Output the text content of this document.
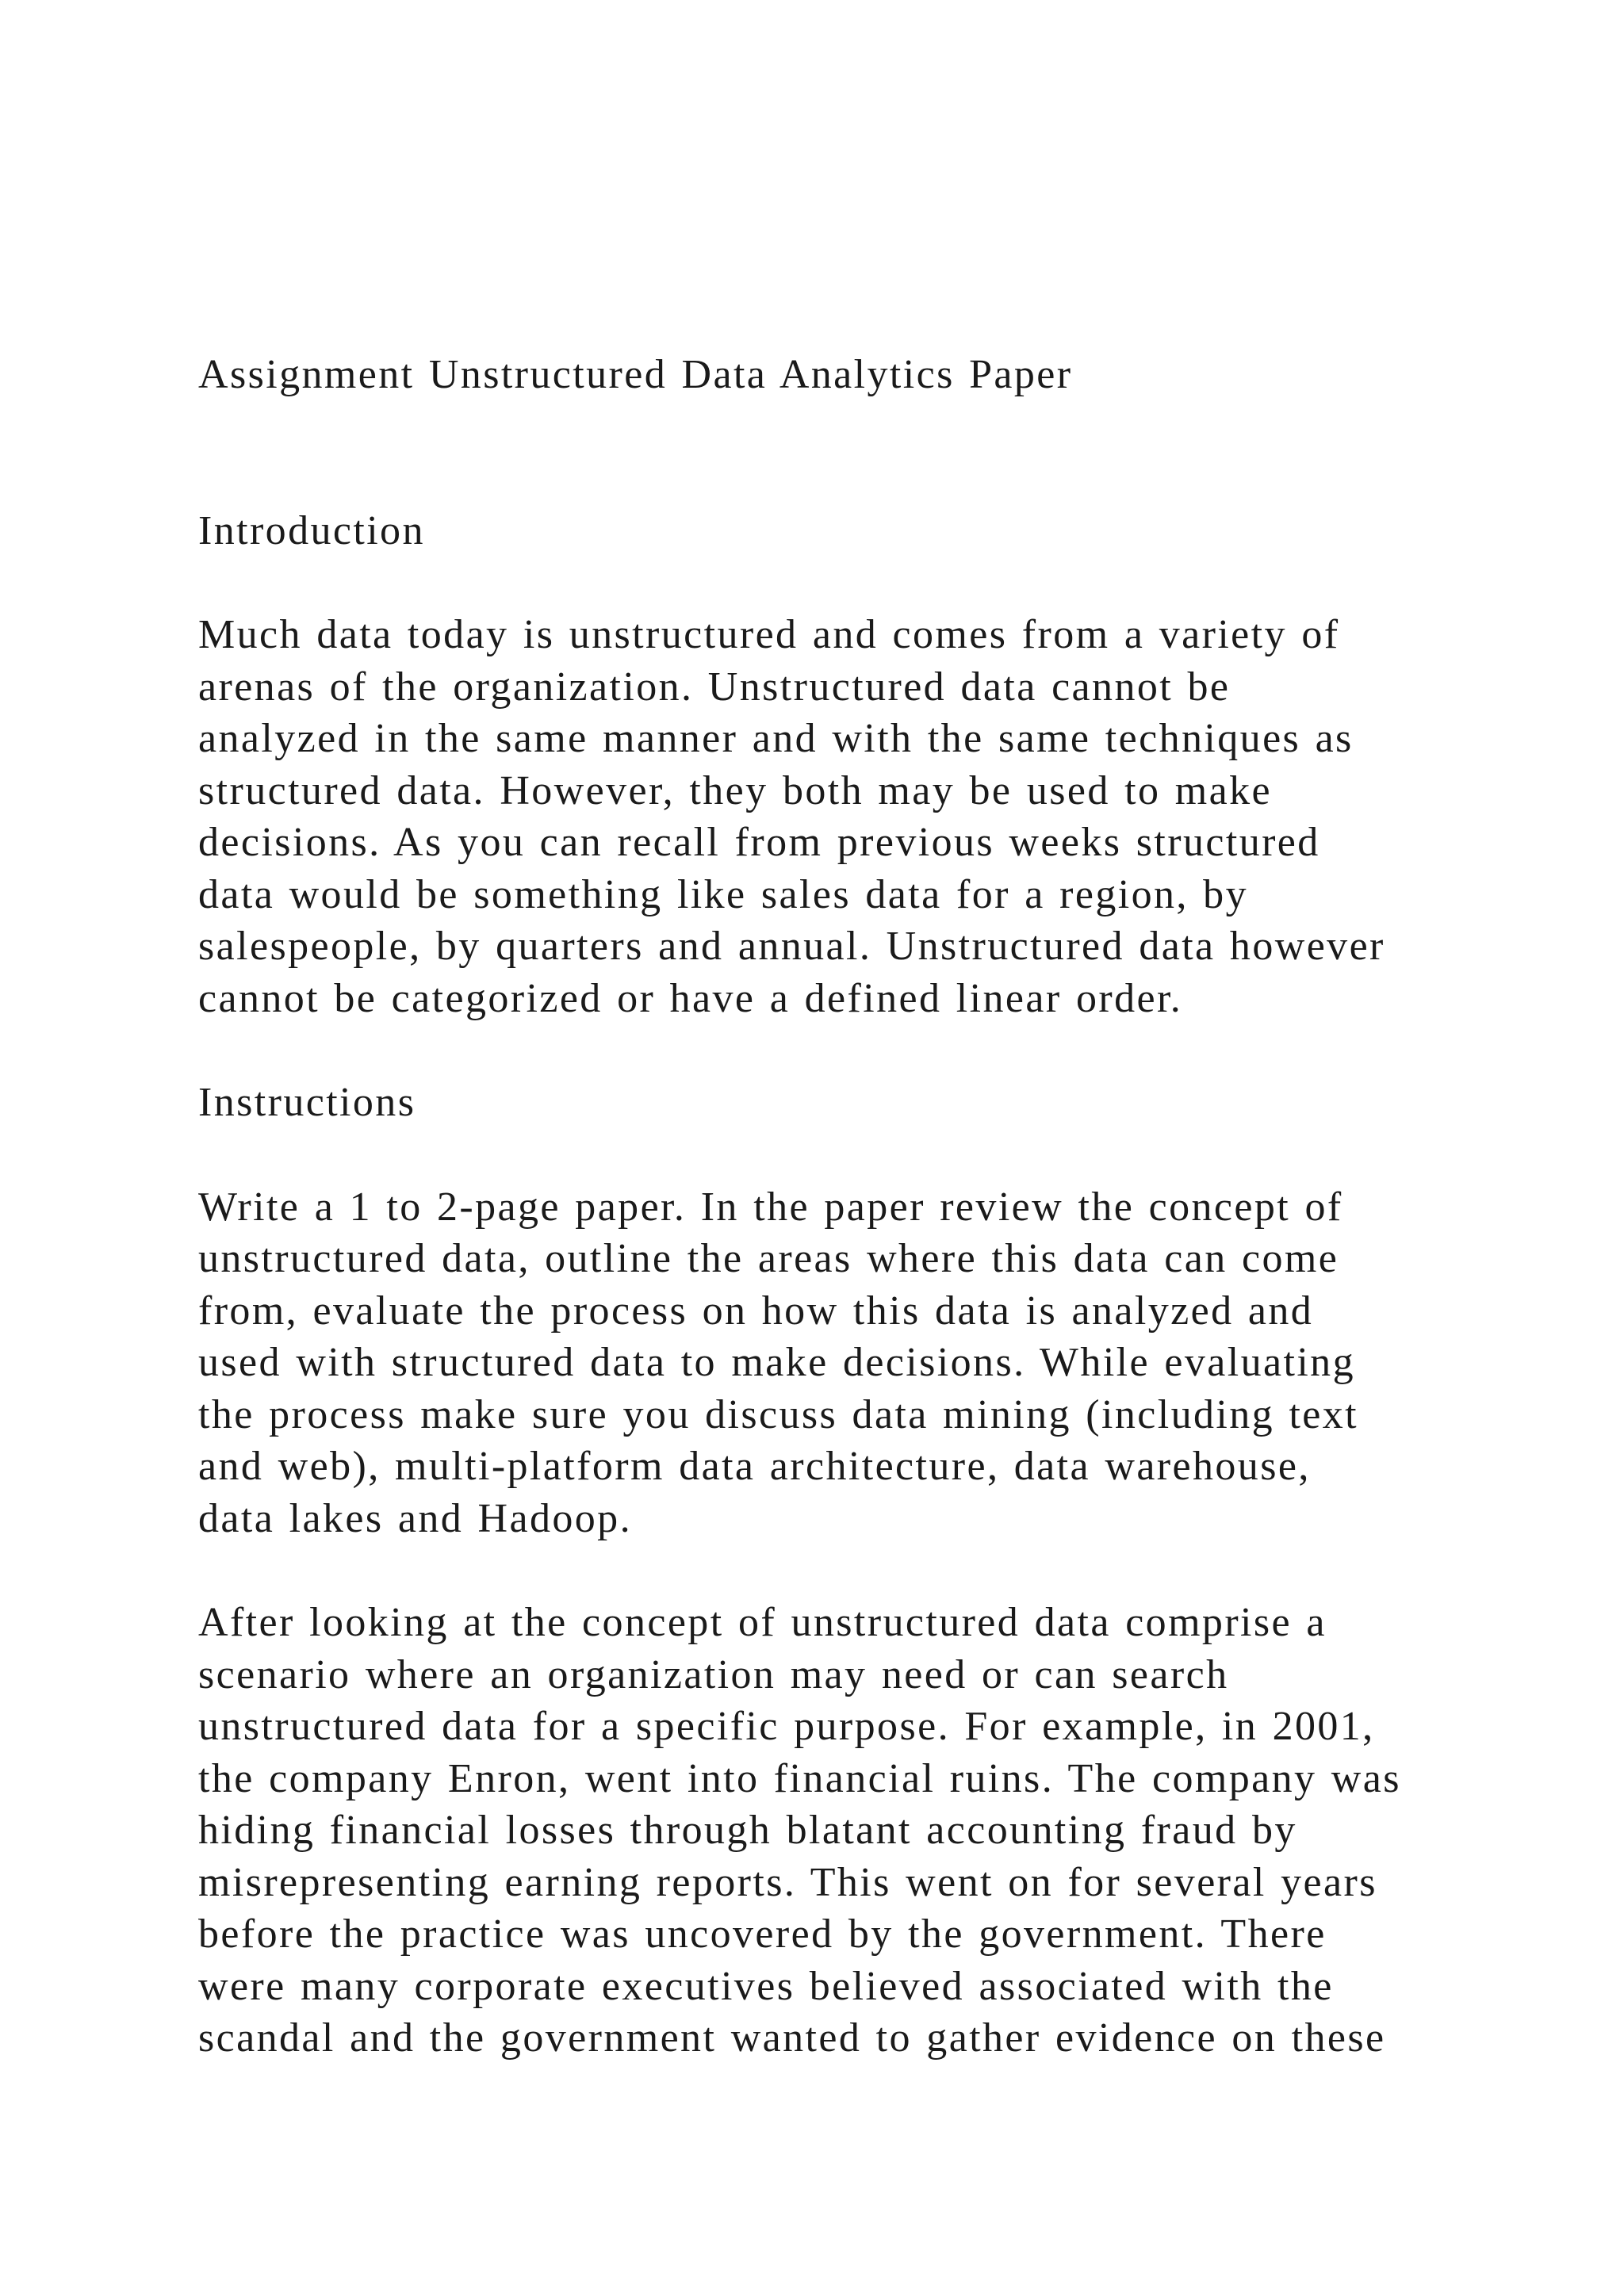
Assignment Unstructured Data Analytics Paper
Introduction
Much data today is unstructured and comes from a variety of
arenas of the organization. Unstructured data cannot be
analyzed in the same manner and with the same techniques as
structured data. However, they both may be used to make
decisions. As you can recall from previous weeks structured
data would be something like sales data for a region, by
salespeople, by quarters and annual. Unstructured data however
cannot be categorized or have a defined linear order.
Instructions
Write a 1 to 2-page paper. In the paper review the concept of
unstructured data, outline the areas where this data can come
from, evaluate the process on how this data is analyzed and
used with structured data to make decisions. While evaluating
the process make sure you discuss data mining (including text
and web), multi-platform data architecture, data warehouse,
data lakes and Hadoop.
After looking at the concept of unstructured data comprise a
scenario where an organization may need or can search
unstructured data for a specific purpose. For example, in 2001,
the company Enron, went into financial ruins. The company was
hiding financial losses through blatant accounting fraud by
misrepresenting earning reports. This went on for several years
before the practice was uncovered by the government. There
were many corporate executives believed associated with the
scandal and the government wanted to gather evidence on these
